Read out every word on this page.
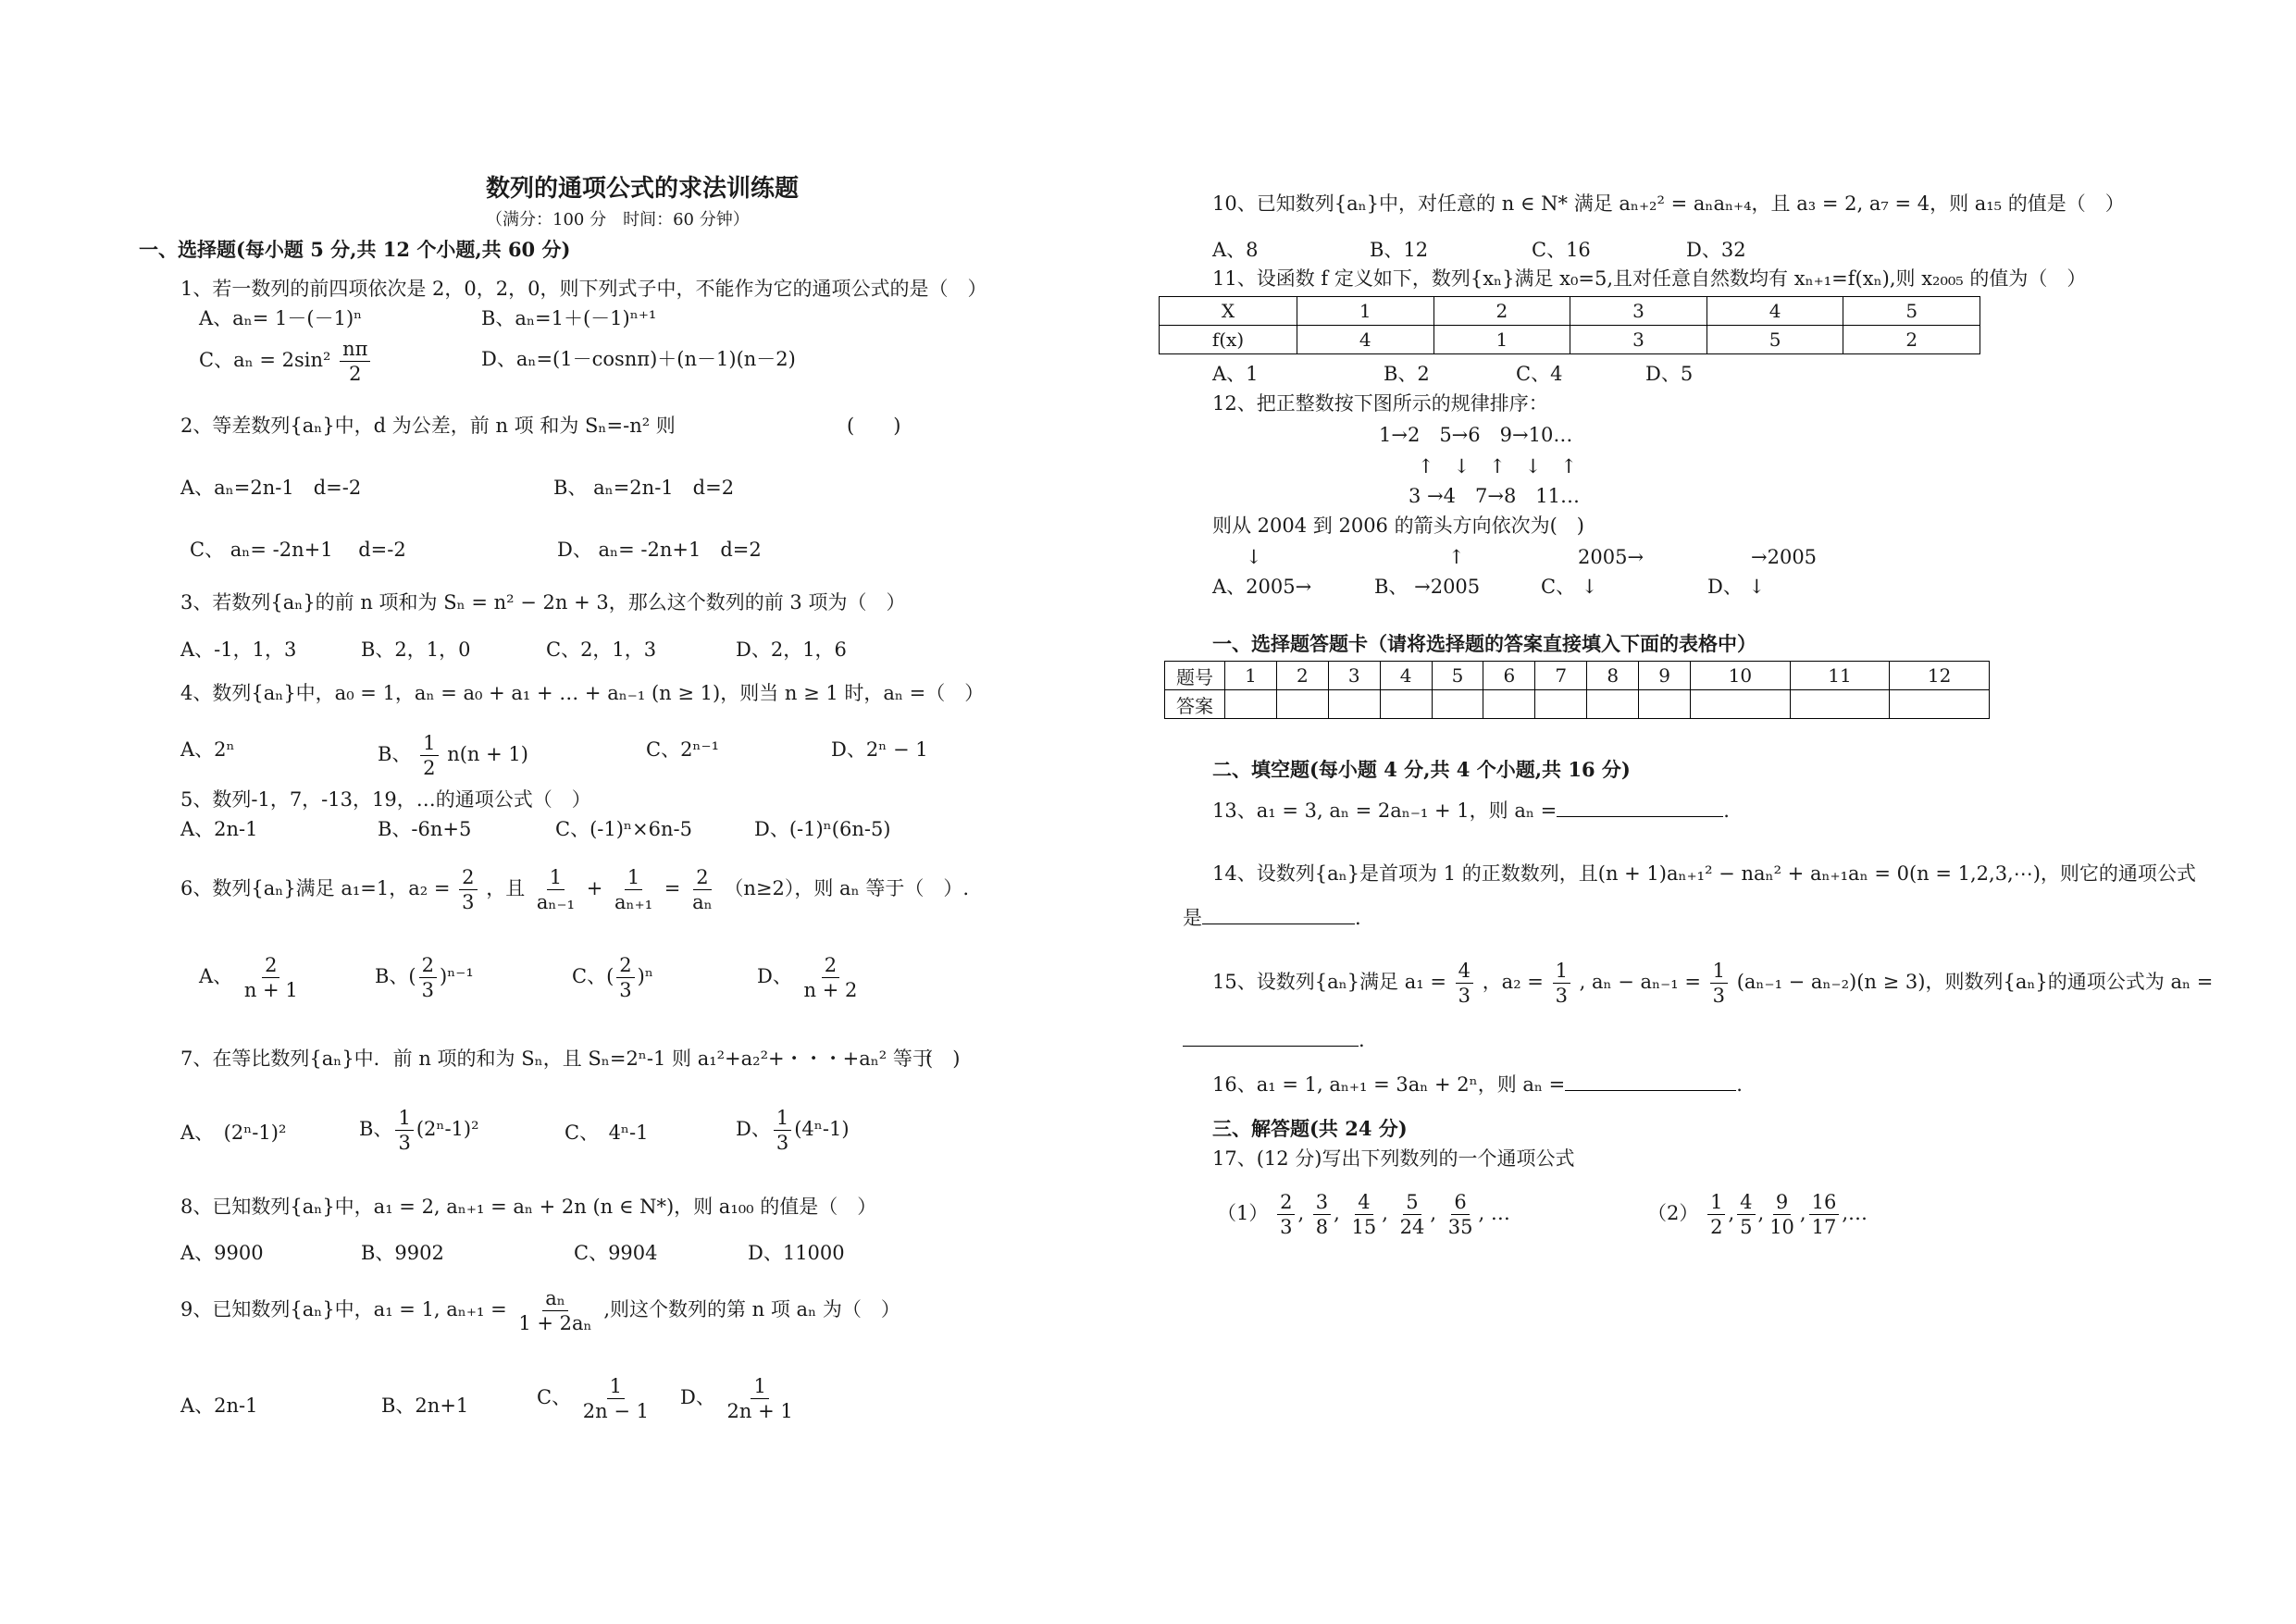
数列的通项公式的求法训练题
（满分：100 分　时间：60 分钟）
一、选择题(每小题 5 分,共 12 个小题,共 60 分)
1、若一数列的前四项依次是 2，0，2，0，则下列式子中，不能作为它的通项公式的是（　）
A、aₙ= 1－(－1)ⁿ	B、aₙ=1＋(－1)ⁿ⁺¹
C、$a_n = 2\sin^2 \frac{n\pi}{2}$	D、aₙ=(1－cosnπ)＋(n－1)(n－2)
2、等差数列{aₙ}中，d 为公差，前 n 项 和为 Sₙ=-n² 则	(　　)
A、aₙ=2n-1　d=-2	B、 aₙ=2n-1　d=2
C、 aₙ= -2n+1　 d=-2	D、 aₙ= -2n+1　d=2
3、若数列{aₙ}的前 n 项和为 Sₙ = n² − 2n + 3，那么这个数列的前 3 项为（　）
A、-1，1，3	B、2，1，0	C、2，1，3	D、2，1，6
4、数列{aₙ}中，a₀ = 1，aₙ = a₀ + a₁ + … + aₙ₋₁ (n ≥ 1)，则当 n ≥ 1 时，aₙ =（　）
A、2ⁿ	B、 $\frac{1}{2} n(n + 1)$	C、2ⁿ⁻¹	D、2ⁿ − 1
5、数列-1，7，-13，19，…的通项公式（　）
A、2n-1	B、-6n+5	C、(-1)ⁿ×6n-5	D、(-1)ⁿ(6n-5)
6、数列{aₙ}满足 a₁=1，$a_2 = \frac{2}{3}$ ，且 $\frac{1}{\text{aₙ₋₁}} + \frac{1}{\text{aₙ₊₁}} = \frac{2}{\text{aₙ}} (n\ge 2)$，则 aₙ 等于（　）.
A、 $\frac{2}{n + 1}$	B、( $\frac{2}{3} )^{n-1}$	C、( $\frac{2}{3} )^n$	D、 $\frac{2}{n + 2}$
7、在等比数列{aₙ}中．前 n 项的和为 Sₙ，且 Sₙ=2ⁿ-1 则 a₁²+a₂²+・・・+aₙ² 等于
(　)
A、　(2ⁿ-1)²	B、 $\frac{1}{3} (2^n-1)^2$	C、　4ⁿ-1	D、 $\frac{1}{3} (4^n-1)$
8、已知数列{aₙ}中，a₁ = 2, aₙ₊₁ = aₙ + 2n (n ∈ N*)，则 a₁₀₀ 的值是（　）
A、9900	B、9902	C、9904	D、11000
9、已知数列{aₙ}中，a₁ = 1, $a_{n+1} = \frac{\text{aₙ}}{\text{1 + 2aₙ}}$ ,则这个数列的第 n 项 aₙ 为（　）
A、2n-1	B、2n+1	C、 $\frac{1}{2n - 1}$ D、 $\frac{1}{2n + 1}$
10、已知数列{aₙ}中，对任意的 n ∈ N* 满足 aₙ₊₂² = aₙaₙ₊₄，且 a₃ = 2, a₇ = 4，则 a₁₅ 的值是（　）
A、8	B、12	C、16	D、32
11、设函数 f 定义如下，数列{xₙ}满足 x₀=5,且对任意自然数均有 xₙ₊₁=f(xₙ),则 x₂₀₀₅ 的值为（　）
X	1	2	3	4	5
f(x)	4	1	3	5	2
A、1	B、2	C、4	D、5
12、把正整数按下图所示的规律排序：
1→2　5→6　9→10…
↑　↓　↑　↓　↑
3 →4　7→8　11…
则从 2004 到 2006 的箭头方向依次为(　)
↓	↑	2005→	→2005
A、2005→	B、 →2005	C、 ↓	D、 ↓
一、选择题答题卡（请将选择题的答案直接填入下面的表格中）
题号	1	2	3	4	5	6	7	8	9	10	11	12
答案												
二、填空题(每小题 4 分,共 4 个小题,共 16 分)
13、a₁ = 3, aₙ = 2aₙ₋₁ + 1，则 aₙ =	.
14、设数列{aₙ}是首项为 1 的正数数列，且(n + 1)aₙ₊₁² − naₙ² + aₙ₊₁aₙ = 0(n = 1,2,3,⋯)，则它的通项公式
是	.
15、设数列{aₙ}满足 $a_1 = \frac{4}{3}$ ，$a_2 = \frac{1}{3}$ , $a_n - a_{n-1} = \frac{1}{3} (a_{n-1} - a_{n-2})(n \ge 3)$，则数列{aₙ}的通项公式为 aₙ =
.
16、a₁ = 1, aₙ₊₁ = 3aₙ + 2ⁿ，则 aₙ =	.
三、解答题(共 24 分)
17、(12 分)写出下列数列的一个通项公式
$(1) \frac{2}{3}$ , $\frac{3}{8}$ , $\frac{4}{15}$ , $\frac{5}{24}$ , $\frac{6}{35}$ , …	$(2) \frac{1}{2}$ , $\frac{4}{5}$ , $\frac{9}{10}$ , $\frac{16}{17}$ ,…
